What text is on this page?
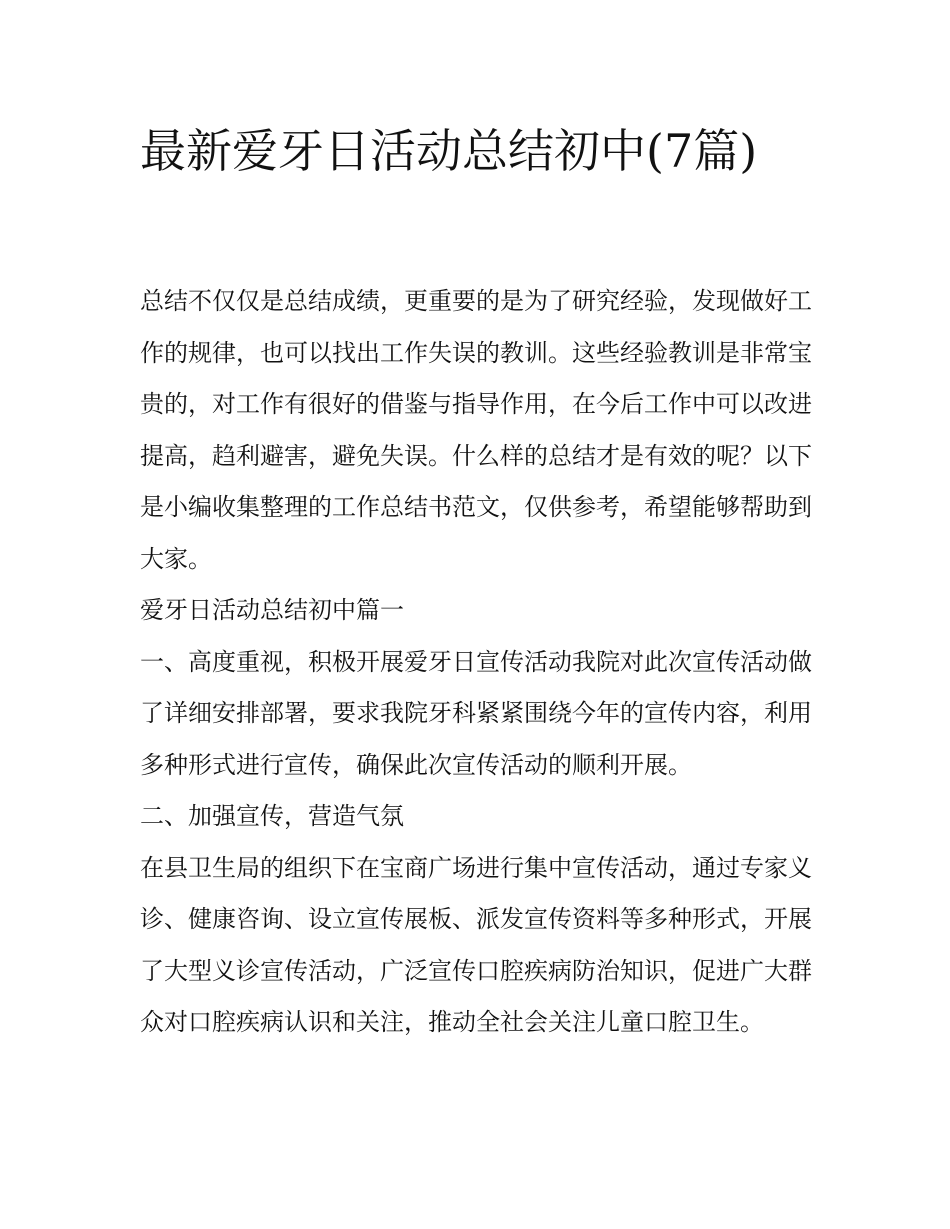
最新爱牙日活动总结初中(7篇)

总结不仅仅是总结成绩，更重要的是为了研究经验，发现做好工作的规律，也可以找出工作失误的教训。这些经验教训是非常宝贵的，对工作有很好的借鉴与指导作用，在今后工作中可以改进提高，趋利避害，避免失误。什么样的总结才是有效的呢？以下是小编收集整理的工作总结书范文，仅供参考，希望能够帮助到大家。

爱牙日活动总结初中篇一

一、高度重视，积极开展爱牙日宣传活动我院对此次宣传活动做了详细安排部署，要求我院牙科紧紧围绕今年的宣传内容，利用多种形式进行宣传，确保此次宣传活动的顺利开展。

二、加强宣传，营造气氛

在县卫生局的组织下在宝商广场进行集中宣传活动，通过专家义诊、健康咨询、设立宣传展板、派发宣传资料等多种形式，开展了大型义诊宣传活动，广泛宣传口腔疾病防治知识，促进广大群众对口腔疾病认识和关注，推动全社会关注儿童口腔卫生。
